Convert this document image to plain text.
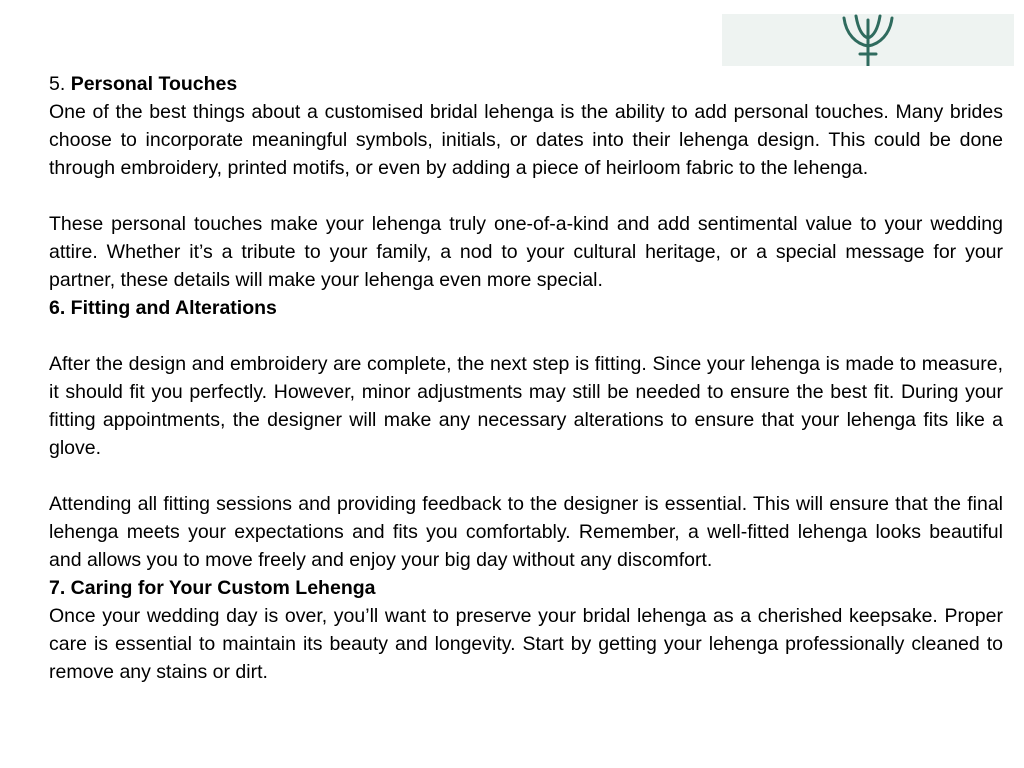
5. Personal Touches

One of the best things about a customised bridal lehenga is the ability to add personal touches. Many brides choose to incorporate meaningful symbols, initials, or dates into their lehenga design. This could be done through embroidery, printed motifs, or even by adding a piece of heirloom fabric to the lehenga.

These personal touches make your lehenga truly one-of-a-kind and add sentimental value to your wedding attire. Whether it’s a tribute to your family, a nod to your cultural heritage, or a special message for your partner, these details will make your lehenga even more special.

6. Fitting and Alterations

After the design and embroidery are complete, the next step is fitting. Since your lehenga is made to measure, it should fit you perfectly. However, minor adjustments may still be needed to ensure the best fit. During your fitting appointments, the designer will make any necessary alterations to ensure that your lehenga fits like a glove.

Attending all fitting sessions and providing feedback to the designer is essential. This will ensure that the final lehenga meets your expectations and fits you comfortably. Remember, a well-fitted lehenga looks beautiful and allows you to move freely and enjoy your big day without any discomfort.

7. Caring for Your Custom Lehenga

Once your wedding day is over, you’ll want to preserve your bridal lehenga as a cherished keepsake. Proper care is essential to maintain its beauty and longevity. Start by getting your lehenga professionally cleaned to remove any stains or dirt.
